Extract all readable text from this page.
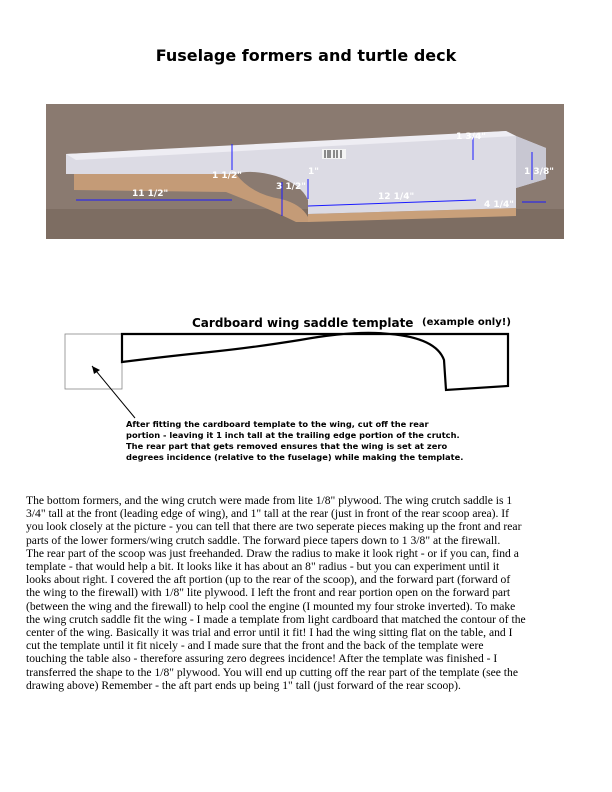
Fuselage formers and turtle deck
11 1/2"
1 1/2"
3 1/2"
1"
12 1/4"
1 3/4"
4 1/4"
1 3/8"
Cardboard wing saddle template (example only!)
After fitting the cardboard template to the wing, cut off the rear
portion - leaving it 1 inch tall at the trailing edge portion of the crutch.
The rear part that gets removed ensures that the wing is set at zero
degrees incidence (relative to the fuselage) while making the template.

The bottom formers, and the wing crutch were made from lite 1/8" plywood. The wing crutch saddle is 1
3/4" tall at the front (leading edge of wing), and 1" tall at the rear (just in front of the rear scoop area). If
you look closely at the picture - you can tell that there are two seperate pieces making up the front and rear
parts of the lower formers/wing crutch saddle. The forward piece tapers down to 1 3/8" at the firewall.
The rear part of the scoop was just freehanded. Draw the radius to make it look right - or if you can, find a
template - that would help a bit. It looks like it has about an 8" radius - but you can experiment until it
looks about right. I covered the aft portion (up to the rear of the scoop), and the forward part (forward of
the wing to the firewall) with 1/8" lite plywood. I left the front and rear portion open on the forward part
(between the wing and the firewall) to help cool the engine (I mounted my four stroke inverted). To make
the wing crutch saddle fit the wing - I made a template from light cardboard that matched the contour of the
center of the wing. Basically it was trial and error until it fit! I had the wing sitting flat on the table, and I
cut the template until it fit nicely - and I made sure that the front and the back of the template were
touching the table also - therefore assuring zero degrees incidence! After the template was finished - I
transferred the shape to the 1/8" plywood. You will end up cutting off the rear part of the template (see the
drawing above) Remember - the aft part ends up being 1" tall (just forward of the rear scoop).
